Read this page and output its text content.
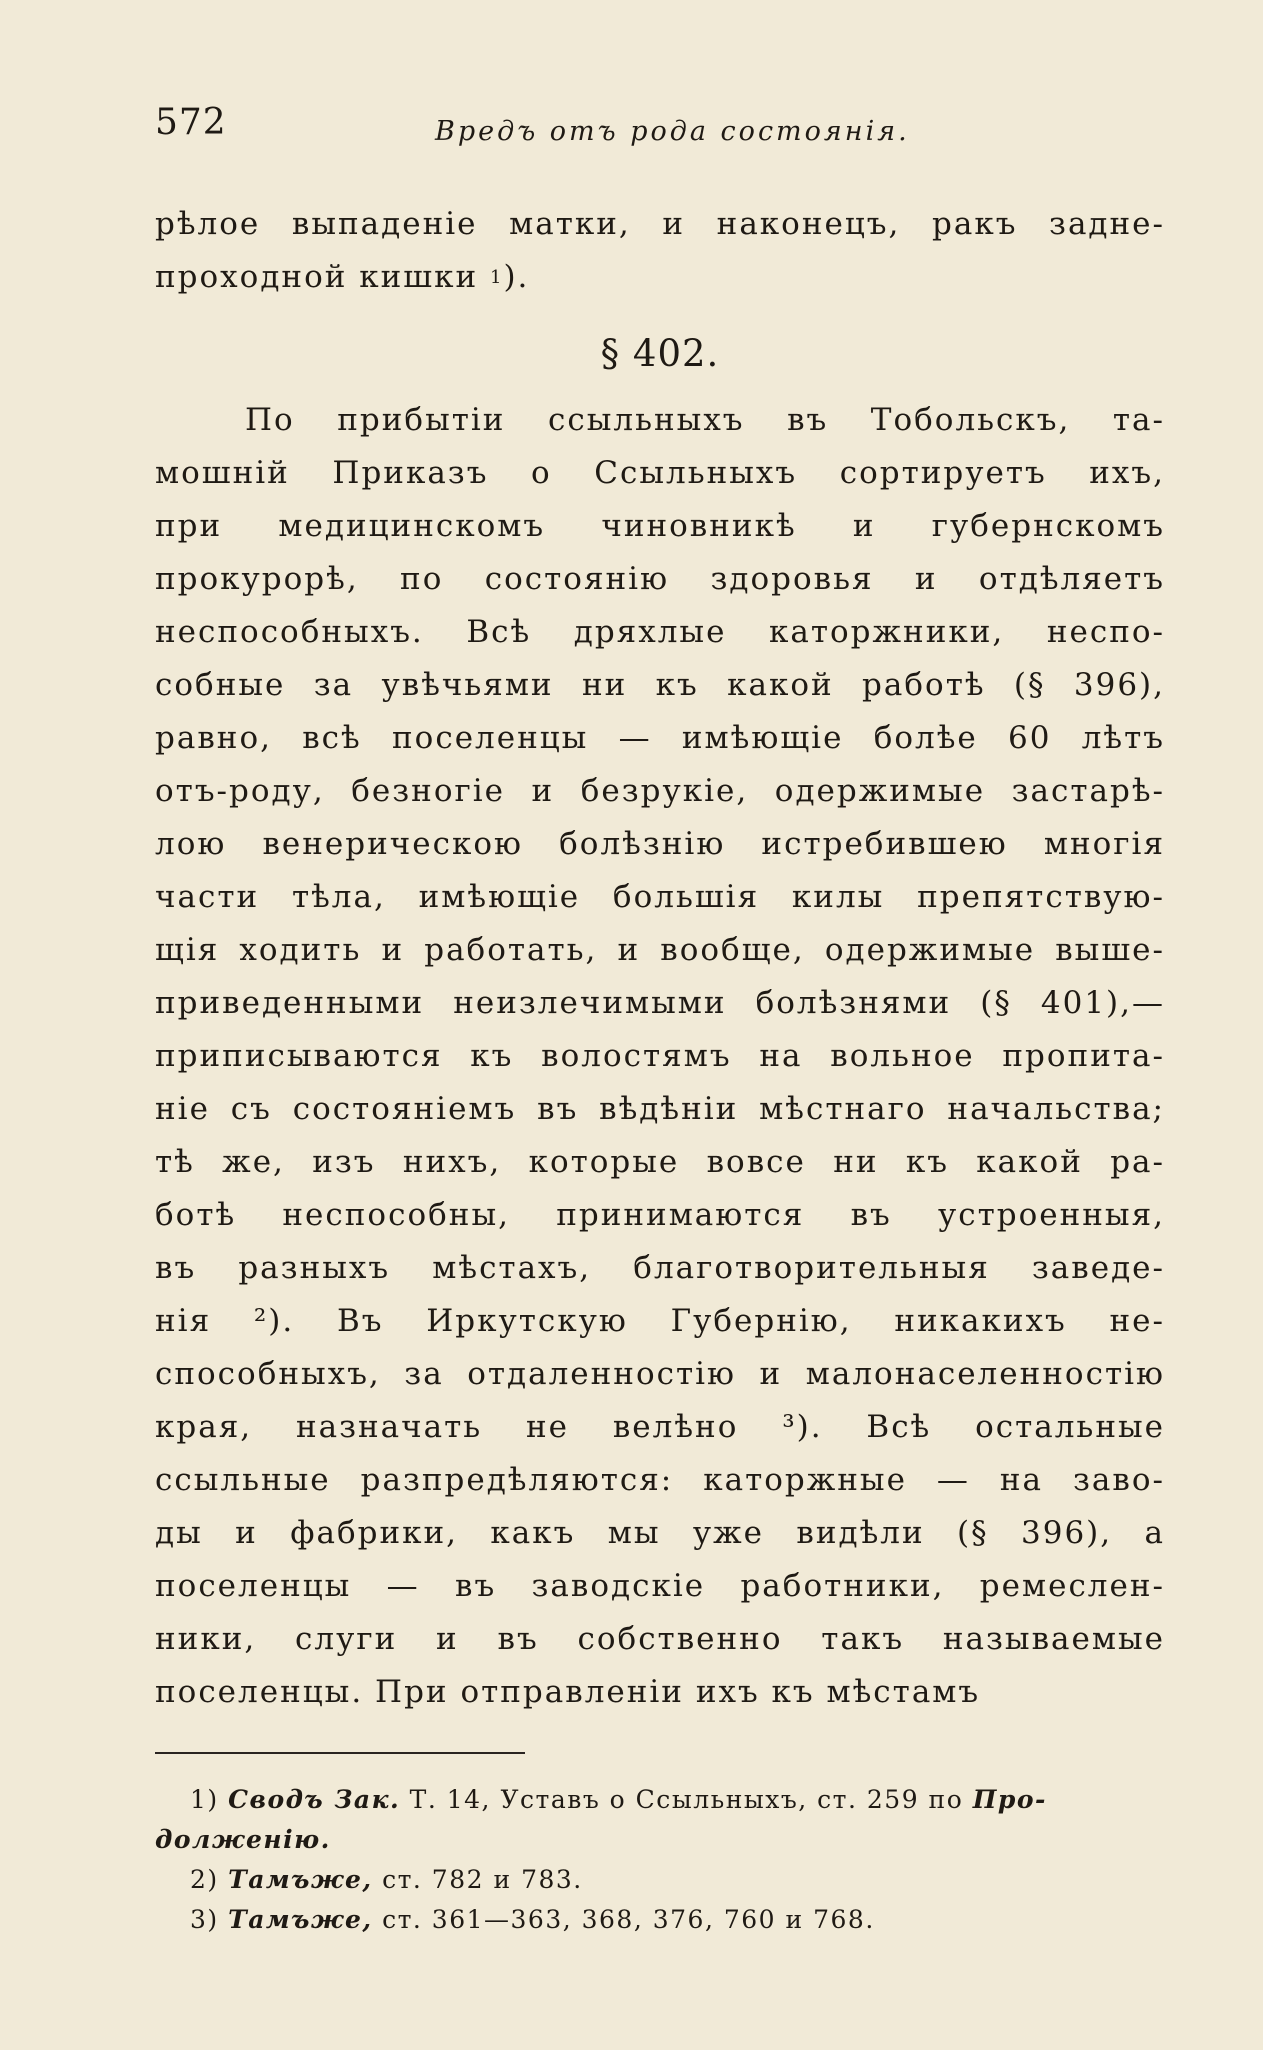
572	Вредъ отъ рода состоянія.
рѣлое выпаденіе матки, и наконецъ, ракъ задне-
проходной кишки $^1$).
§ 402.
По прибытіи ссыльныхъ въ Тобольскъ, та-
мошній Приказъ о Ссыльныхъ сортируетъ ихъ,
при медицинскомъ чиновникѣ и губернскомъ
прокурорѣ, по состоянію здоровья и отдѣляетъ
неспособныхъ. Всѣ дряхлые каторжники, неспо-
собные за увѣчьями ни къ какой работѣ (§ 396),
равно, всѣ поселенцы — имѣющіе болѣе 60 лѣтъ
отъ-роду, безногіе и безрукіе, одержимые застарѣ-
лою венерическою болѣзнію истребившею многія
части тѣла, имѣющіе большія килы препятствую-
щія ходить и работать, и вообще, одержимые выше-
приведенными неизлечимыми болѣзнями (§ 401),—
приписываются къ волостямъ на вольное пропита-
ніе съ состояніемъ въ вѣдѣніи мѣстнаго начальства;
тѣ же, изъ нихъ, которые вовсе ни къ какой ра-
ботѣ неспособны, принимаются въ устроенныя,
въ разныхъ мѣстахъ, благотворительныя заведе-
нія ²). Въ Иркутскую Губернію, никакихъ не-
способныхъ, за отдаленностію и малонаселенностію
края, назначать не велѣно ³). Всѣ остальные
ссыльные разпредѣляются: каторжные — на заво-
ды и фабрики, какъ мы уже видѣли (§ 396), а
поселенцы — въ заводскіе работники, ремеслен-
ники, слуги и въ собственно такъ называемые
поселенцы. При отправленіи ихъ къ мѣстамъ
1) Сводъ Зак. Т. 14, Уставъ о Ссыльныхъ, ст. 259 по Про-
долженію.
2) Тамъже, ст. 782 и 783.
3) Тамъже, ст. 361—363, 368, 376, 760 и 768.
